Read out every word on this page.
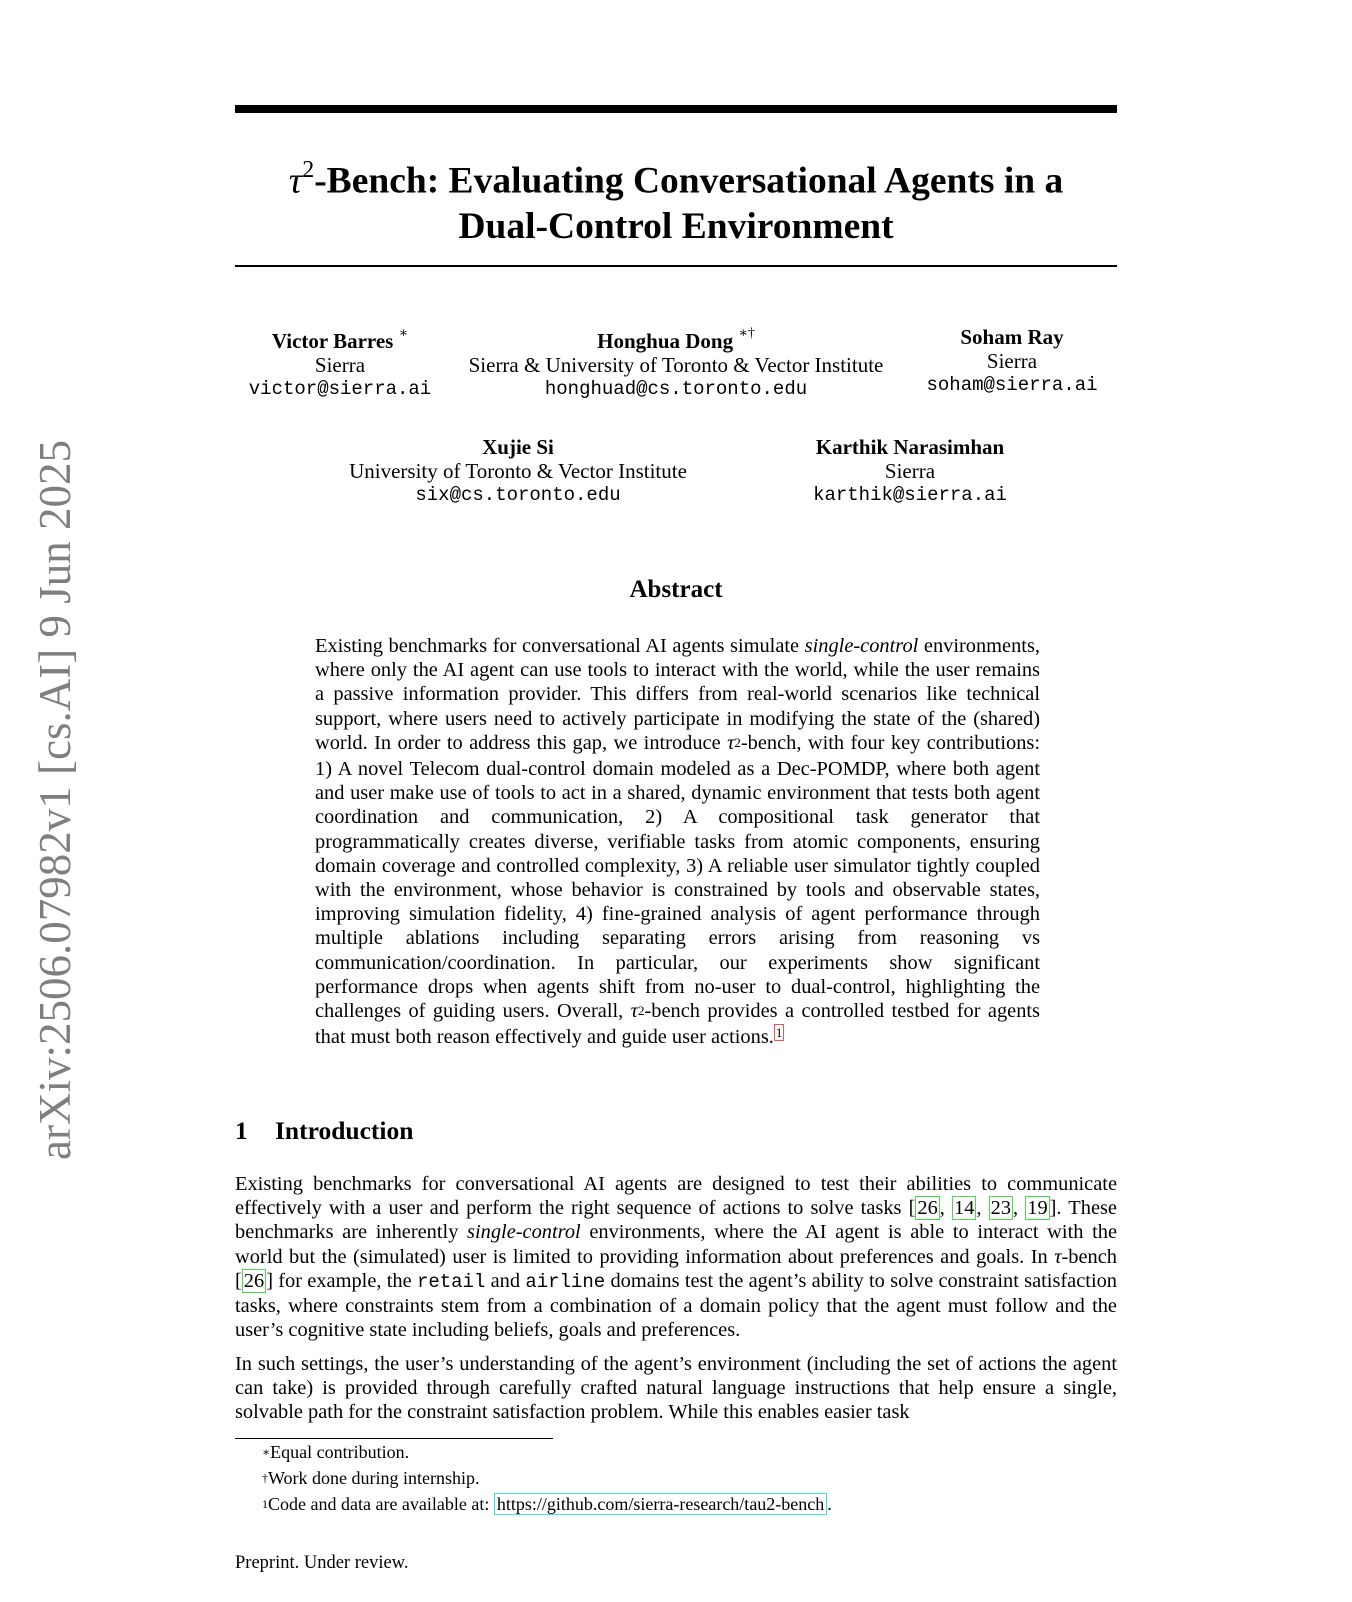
arXiv:2506.07982v1 [cs.AI] 9 Jun 2025
$\tau^2$-Bench: Evaluating Conversational Agents in a
Dual-Control Environment
Victor Barres ∗
Sierra
victor@sierra.ai
Honghua Dong ∗†
Sierra & University of Toronto & Vector Institute
honghuad@cs.toronto.edu
Soham Ray
Sierra
soham@sierra.ai
Xujie Si
University of Toronto & Vector Institute
six@cs.toronto.edu
Karthik Narasimhan
Sierra
karthik@sierra.ai
Abstract

Existing benchmarks for conversational AI agents simulate single-control environments, where only the AI agent can use tools to interact with the world, while the user remains a passive information provider. This differs from real-world scenarios like technical support, where users need to actively participate in modifying the state of the (shared) world. In order to address this gap, we introduce $\tau^2$-bench, with four key contributions: 1) A novel Telecom dual-control domain modeled as a Dec-POMDP, where both agent and user make use of tools to act in a shared, dynamic environment that tests both agent coordination and communication, 2) A compositional task generator that programmatically creates diverse, verifiable tasks from atomic components, ensuring domain coverage and controlled complexity, 3) A reliable user simulator tightly coupled with the environment, whose behavior is constrained by tools and observable states, improving simulation fidelity, 4) fine-grained analysis of agent performance through multiple ablations including separating errors arising from reasoning vs communication/coordination. In particular, our experiments show significant performance drops when agents shift from no-user to dual-control, highlighting the challenges of guiding users. Overall, $\tau^2$-bench provides a controlled testbed for agents that must both reason effectively and guide user actions. $^1$

1 Introduction

Existing benchmarks for conversational AI agents are designed to test their abilities to communicate effectively with a user and perform the right sequence of actions to solve tasks [26, 14, 23, 19]. These benchmarks are inherently single-control environments, where the AI agent is able to interact with the world but the (simulated) user is limited to providing information about preferences and goals. In τ-bench [26] for example, the retail and airline domains test the agent’s ability to solve constraint satisfaction tasks, where constraints stem from a combination of a domain policy that the agent must follow and the user’s cognitive state including beliefs, goals and preferences.

In such settings, the user’s understanding of the agent’s environment (including the set of actions the agent can take) is provided through carefully crafted natural language instructions that help ensure a single, solvable path for the constraint satisfaction problem. While this enables easier task

∗Equal contribution.
†Work done during internship.
$^1$Code and data are available at: https://github.com/sierra-research/tau2-bench .
Preprint. Under review.
